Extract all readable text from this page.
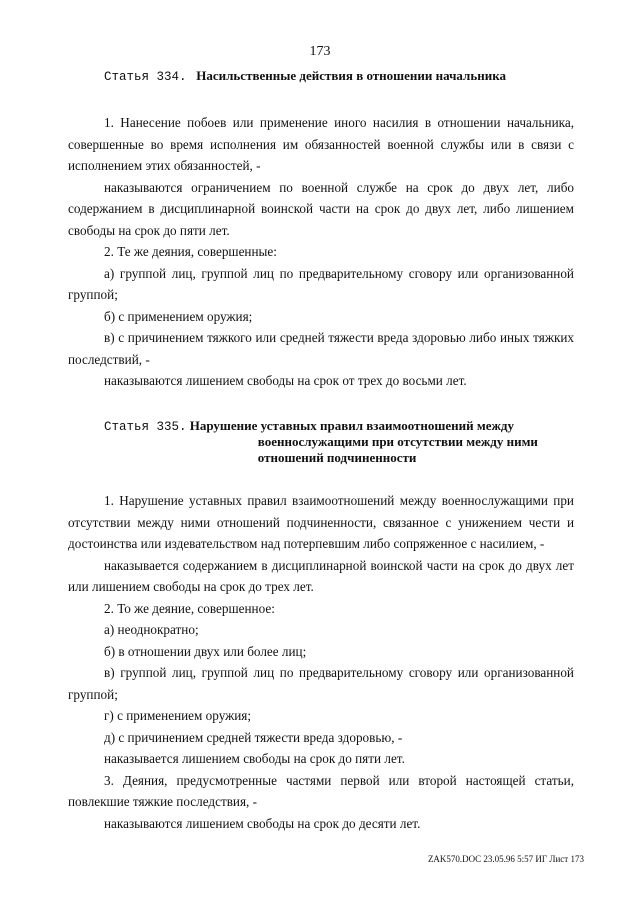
173
Статья 334. Насильственные действия в отношении начальника

1. Нанесение побоев или применение иного насилия в отношении начальника, совершенные во время исполнения им обязанностей военной службы или в связи с исполнением этих обязанностей, -

наказываются ограничением по военной службе на срок до двух лет, либо содержанием в дисциплинарной воинской части на срок до двух лет, либо лишением свободы на срок до пяти лет.

2. Те же деяния, совершенные:

а) группой лиц, группой лиц по предварительному сговору или организованной группой;

б) с применением оружия;

в) с причинением тяжкого или средней тяжести вреда здоровью либо иных тяжких последствий, -

наказываются лишением свободы на срок от трех до восьми лет.

Статья 335. Нарушение уставных правил взаимоотношений между
военнослужащими при отсутствии между ними
отношений подчиненности

1. Нарушение уставных правил взаимоотношений между военнослужащими при отсутствии между ними отношений подчиненности, связанное с унижением чести и достоинства или издевательством над потерпевшим либо сопряженное с насилием, -

наказывается содержанием в дисциплинарной воинской части на срок до двух лет или лишением свободы на срок до трех лет.

2. То же деяние, совершенное:

а) неоднократно;

б) в отношении двух или более лиц;

в) группой лиц, группой лиц по предварительному сговору или организованной группой;

г) с применением оружия;

д) с причинением средней тяжести вреда здоровью, -

наказывается лишением свободы на срок до пяти лет.

3. Деяния, предусмотренные частями первой или второй настоящей статьи, повлекшие тяжкие последствия, -

наказываются лишением свободы на срок до десяти лет.

ZAK570.DOC 23.05.96 5:57 ИГ Лист 173
